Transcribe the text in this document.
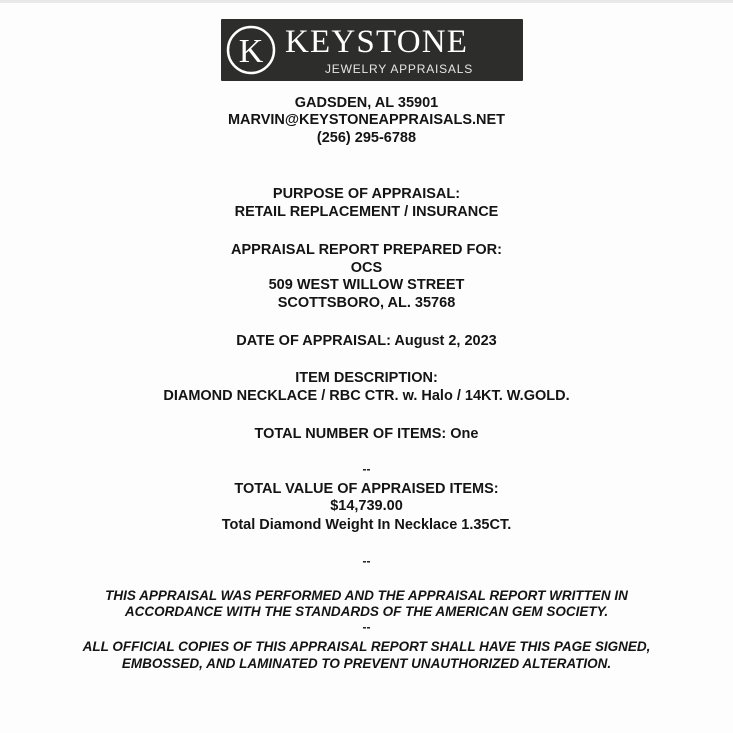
K KEYSTONE
JEWELRY APPRAISALS
GADSDEN, AL 35901
MARVIN@KEYSTONEAPPRAISALS.NET
(256) 295-6788
PURPOSE OF APPRAISAL:
RETAIL REPLACEMENT / INSURANCE
APPRAISAL REPORT PREPARED FOR:
OCS
509 WEST WILLOW STREET
SCOTTSBORO, AL. 35768
DATE OF APPRAISAL: August 2, 2023
ITEM DESCRIPTION:
DIAMOND NECKLACE / RBC CTR. w. Halo / 14KT. W.GOLD.
TOTAL NUMBER OF ITEMS: One
--
TOTAL VALUE OF APPRAISED ITEMS:
$14,739.00
Total Diamond Weight In Necklace 1.35CT.
--
THIS APPRAISAL WAS PERFORMED AND THE APPRAISAL REPORT WRITTEN IN
ACCORDANCE WITH THE STANDARDS OF THE AMERICAN GEM SOCIETY.
--
ALL OFFICIAL COPIES OF THIS APPRAISAL REPORT SHALL HAVE THIS PAGE SIGNED,
EMBOSSED, AND LAMINATED TO PREVENT UNAUTHORIZED ALTERATION.
